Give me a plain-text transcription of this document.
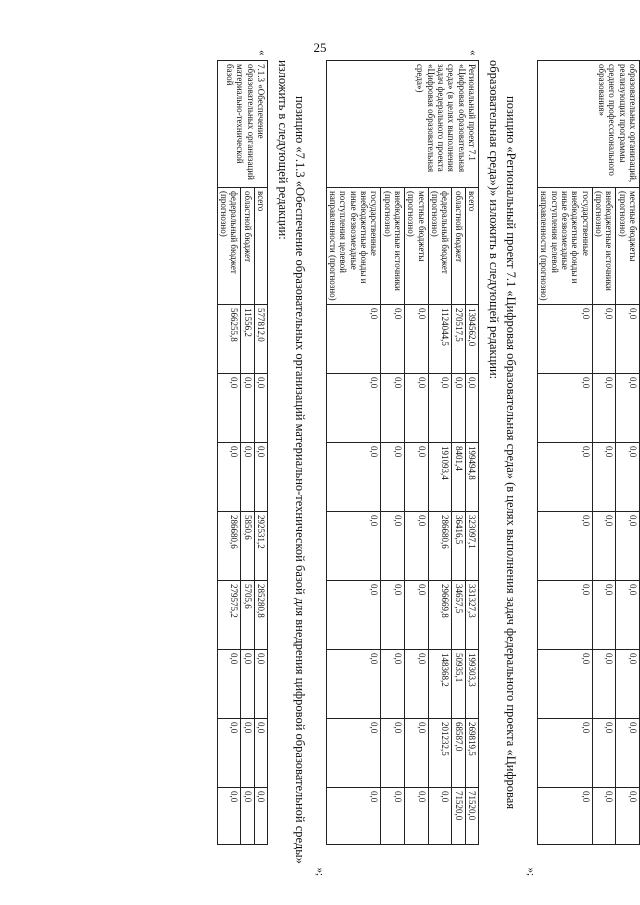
25
образовательных организаций, реализующих программы среднего профессионального образования»	местные бюджеты (прогнозно)	0,0	0,0	0,0	0,0	0,0	0,0	0,0	0,0
	внебюджетные источники (прогнозно)	0,0	0,0	0,0	0,0	0,0	0,0	0,0	0,0
	государственные внебюджетные фонды и иные безвозмездные поступления целевой направленности (прогнозно)	0,0	0,0	0,0	0,0	0,0	0,0	0,0	0,0
»;

позицию «Региональный проект 7.1 «Цифровая образовательная среда» (в целях выполнения задач федерального проекта «Цифровая образовательная среда»)» изложить в следующей редакции:

«
Региональный проект 7.1 «Цифровая образовательная среда» (в целях выполнения задач федерального проекта «Цифровая образовательная среда»)	всего	1394562,0	0,0	199494,8	323097,1	331327,3	199303,3	269819,5	71520,0
	областной бюджет	270517,5	0,0	8401,4	36416,5	34657,5	50935,1	68587,0	71520,0
	федеральный бюджет (прогнозно)	1124044,5	0,0	191093,4	286680,6	296669,8	148368,2	201232,5	0,0
	местные бюджеты (прогнозно)	0,0	0,0	0,0	0,0	0,0	0,0	0,0	0,0
	внебюджетные источники (прогнозно)	0,0	0,0	0,0	0,0	0,0	0,0	0,0	0,0
	государственные внебюджетные фонды и иные безвозмездные поступления целевой направленности (прогнозно)	0,0	0,0	0,0	0,0	0,0	0,0	0,0	0,0
»;

позицию «7.1.3 «Обеспечение образовательных организаций материально-технической базой для внедрения цифровой образовательной среды» изложить в следующей редакции:

«
7.1.3 «Обеспечение образовательных организаций материально-технической базой	всего	577812,0	0,0	0,0	292531,2	285280,8	0,0	0,0	0,0
	областной бюджет	11556,2	0,0	0,0	5850,6	5705,6	0,0	0,0	0,0
	федеральный бюджет (прогнозно)	566255,8	0,0	0,0	286680,6	279575,2	0,0	0,0	0,0
